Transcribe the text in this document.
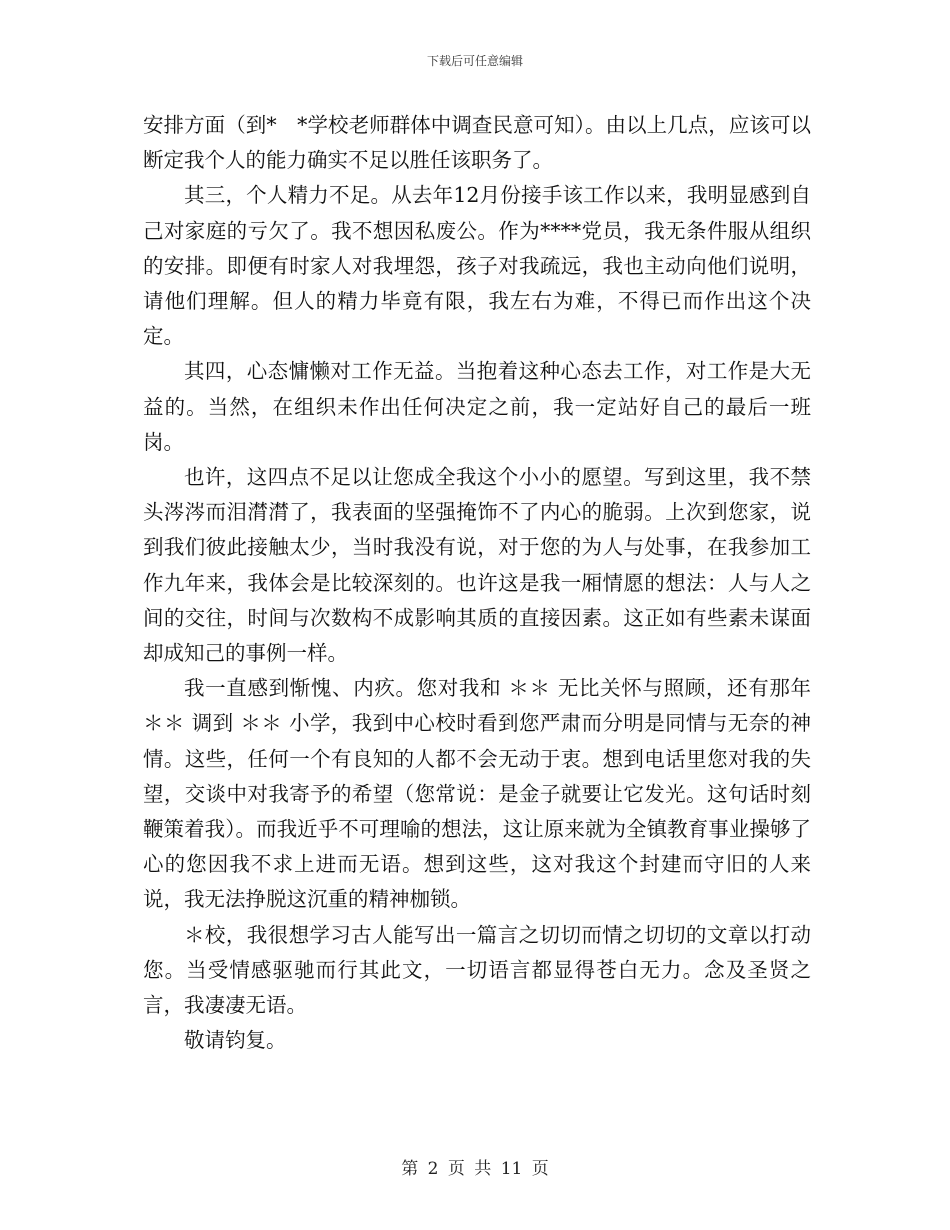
下载后可任意编辑

安排方面（到*　*学校老师群体中调查民意可知）。由以上几点，应该可以断定我个人的能力确实不足以胜任该职务了。

其三，个人精力不足。从去年12月份接手该工作以来，我明显感到自己对家庭的亏欠了。我不想因私废公。作为****党员，我无条件服从组织的安排。即便有时家人对我埋怨，孩子对我疏远，我也主动向他们说明，请他们理解。但人的精力毕竟有限，我左右为难，不得已而作出这个决定。

其四，心态慵懒对工作无益。当抱着这种心态去工作，对工作是大无益的。当然，在组织未作出任何决定之前，我一定站好自己的最后一班岗。

也许，这四点不足以让您成全我这个小小的愿望。写到这里，我不禁头涔涔而泪潸潸了，我表面的坚强掩饰不了内心的脆弱。上次到您家，说到我们彼此接触太少，当时我没有说，对于您的为人与处事，在我参加工作九年来，我体会是比较深刻的。也许这是我一厢情愿的想法：人与人之间的交往，时间与次数构不成影响其质的直接因素。这正如有些素未谋面却成知己的事例一样。

我一直感到惭愧、内疚。您对我和 ＊＊ 无比关怀与照顾，还有那年 ＊＊ 调到 ＊＊ 小学，我到中心校时看到您严肃而分明是同情与无奈的神情。这些，任何一个有良知的人都不会无动于衷。想到电话里您对我的失望，交谈中对我寄予的希望（您常说：是金子就要让它发光。这句话时刻鞭策着我）。而我近乎不可理喻的想法，这让原来就为全镇教育事业操够了心的您因我不求上进而无语。想到这些，这对我这个封建而守旧的人来说，我无法挣脱这沉重的精神枷锁。

＊校，我很想学习古人能写出一篇言之切切而情之切切的文章以打动您。当受情感驱驰而行其此文，一切语言都显得苍白无力。念及圣贤之言，我凄凄无语。

敬请钧复。

第 2 页 共 11 页
